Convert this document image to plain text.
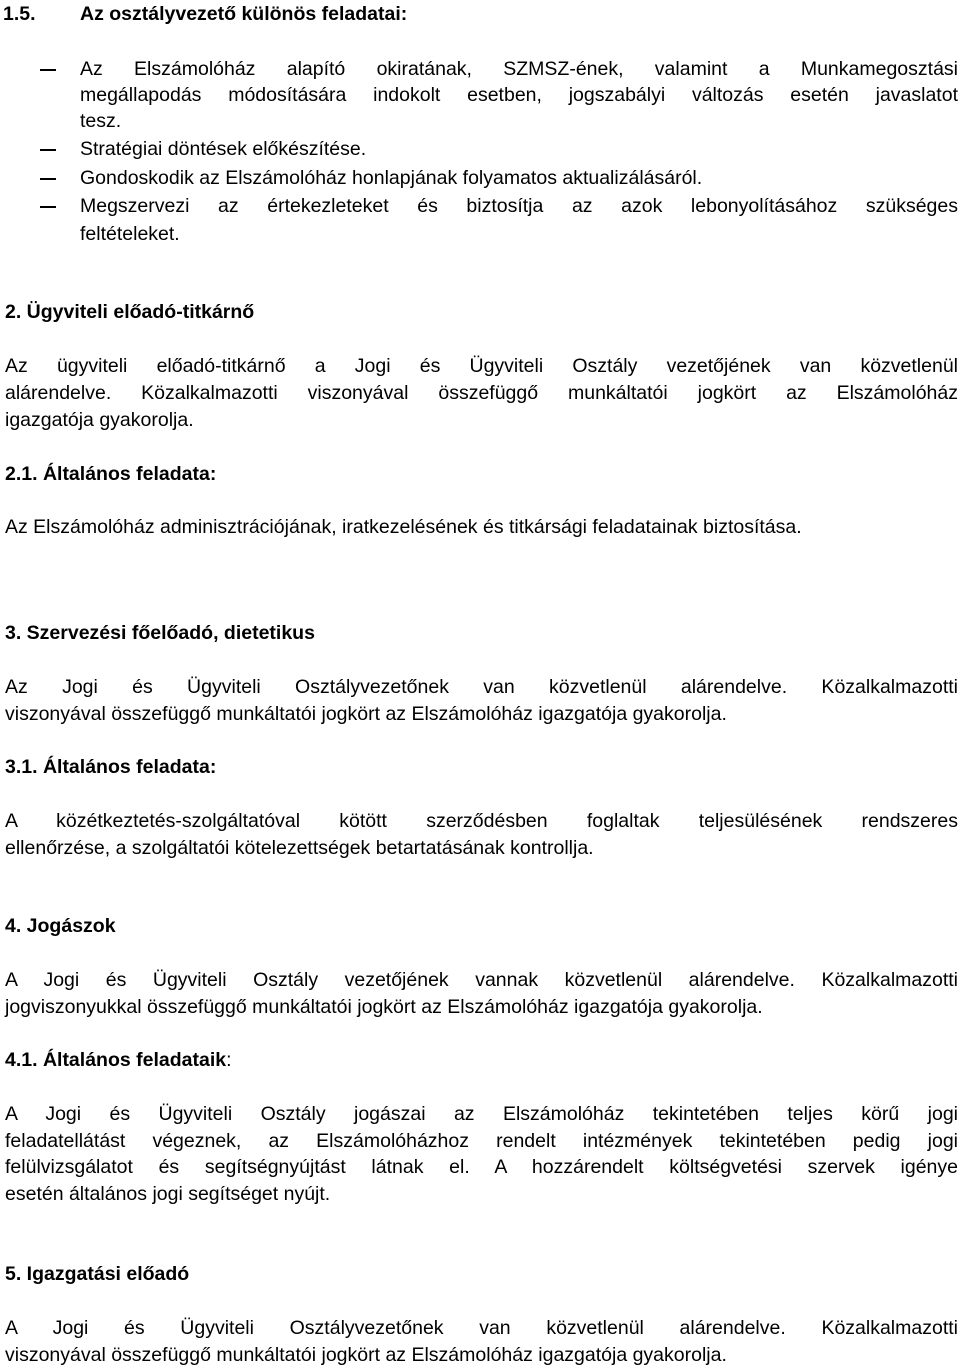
1.5. Az osztályvezető különös feladatai:
Az Elszámolóház alapító okiratának, SZMSZ-ének, valamint a Munkamegosztási
megállapodás módosítására indokolt esetben, jogszabályi változás esetén javaslatot
tesz.
Stratégiai döntések előkészítése.
Gondoskodik az Elszámolóház honlapjának folyamatos aktualizálásáról.
Megszervezi az értekezleteket és biztosítja az azok lebonyolításához szükséges
feltételeket.
2. Ügyviteli előadó-titkárnő
Az ügyviteli előadó-titkárnő a Jogi és Ügyviteli Osztály vezetőjének van közvetlenül
alárendelve. Közalkalmazotti viszonyával összefüggő munkáltatói jogkört az Elszámolóház
igazgatója gyakorolja.
2.1. Általános feladata:
Az Elszámolóház adminisztrációjának, iratkezelésének és titkársági feladatainak biztosítása.
3. Szervezési főelőadó, dietetikus
Az Jogi és Ügyviteli Osztályvezetőnek van közvetlenül alárendelve. Közalkalmazotti
viszonyával összefüggő munkáltatói jogkört az Elszámolóház igazgatója gyakorolja.
3.1. Általános feladata:
A közétkeztetés-szolgáltatóval kötött szerződésben foglaltak teljesülésének rendszeres
ellenőrzése, a szolgáltatói kötelezettségek betartatásának kontrollja.
4. Jogászok
A Jogi és Ügyviteli Osztály vezetőjének vannak közvetlenül alárendelve. Közalkalmazotti
jogviszonyukkal összefüggő munkáltatói jogkört az Elszámolóház igazgatója gyakorolja.
4.1. Általános feladataik:
A Jogi és Ügyviteli Osztály jogászai az Elszámolóház tekintetében teljes körű jogi
feladatellátást végeznek, az Elszámolóházhoz rendelt intézmények tekintetében pedig jogi
felülvizsgálatot és segítségnyújtást látnak el. A hozzárendelt költségvetési szervek igénye
esetén általános jogi segítséget nyújt.
5. Igazgatási előadó
A Jogi és Ügyviteli Osztályvezetőnek van közvetlenül alárendelve. Közalkalmazotti
viszonyával összefüggő munkáltatói jogkört az Elszámolóház igazgatója gyakorolja.
